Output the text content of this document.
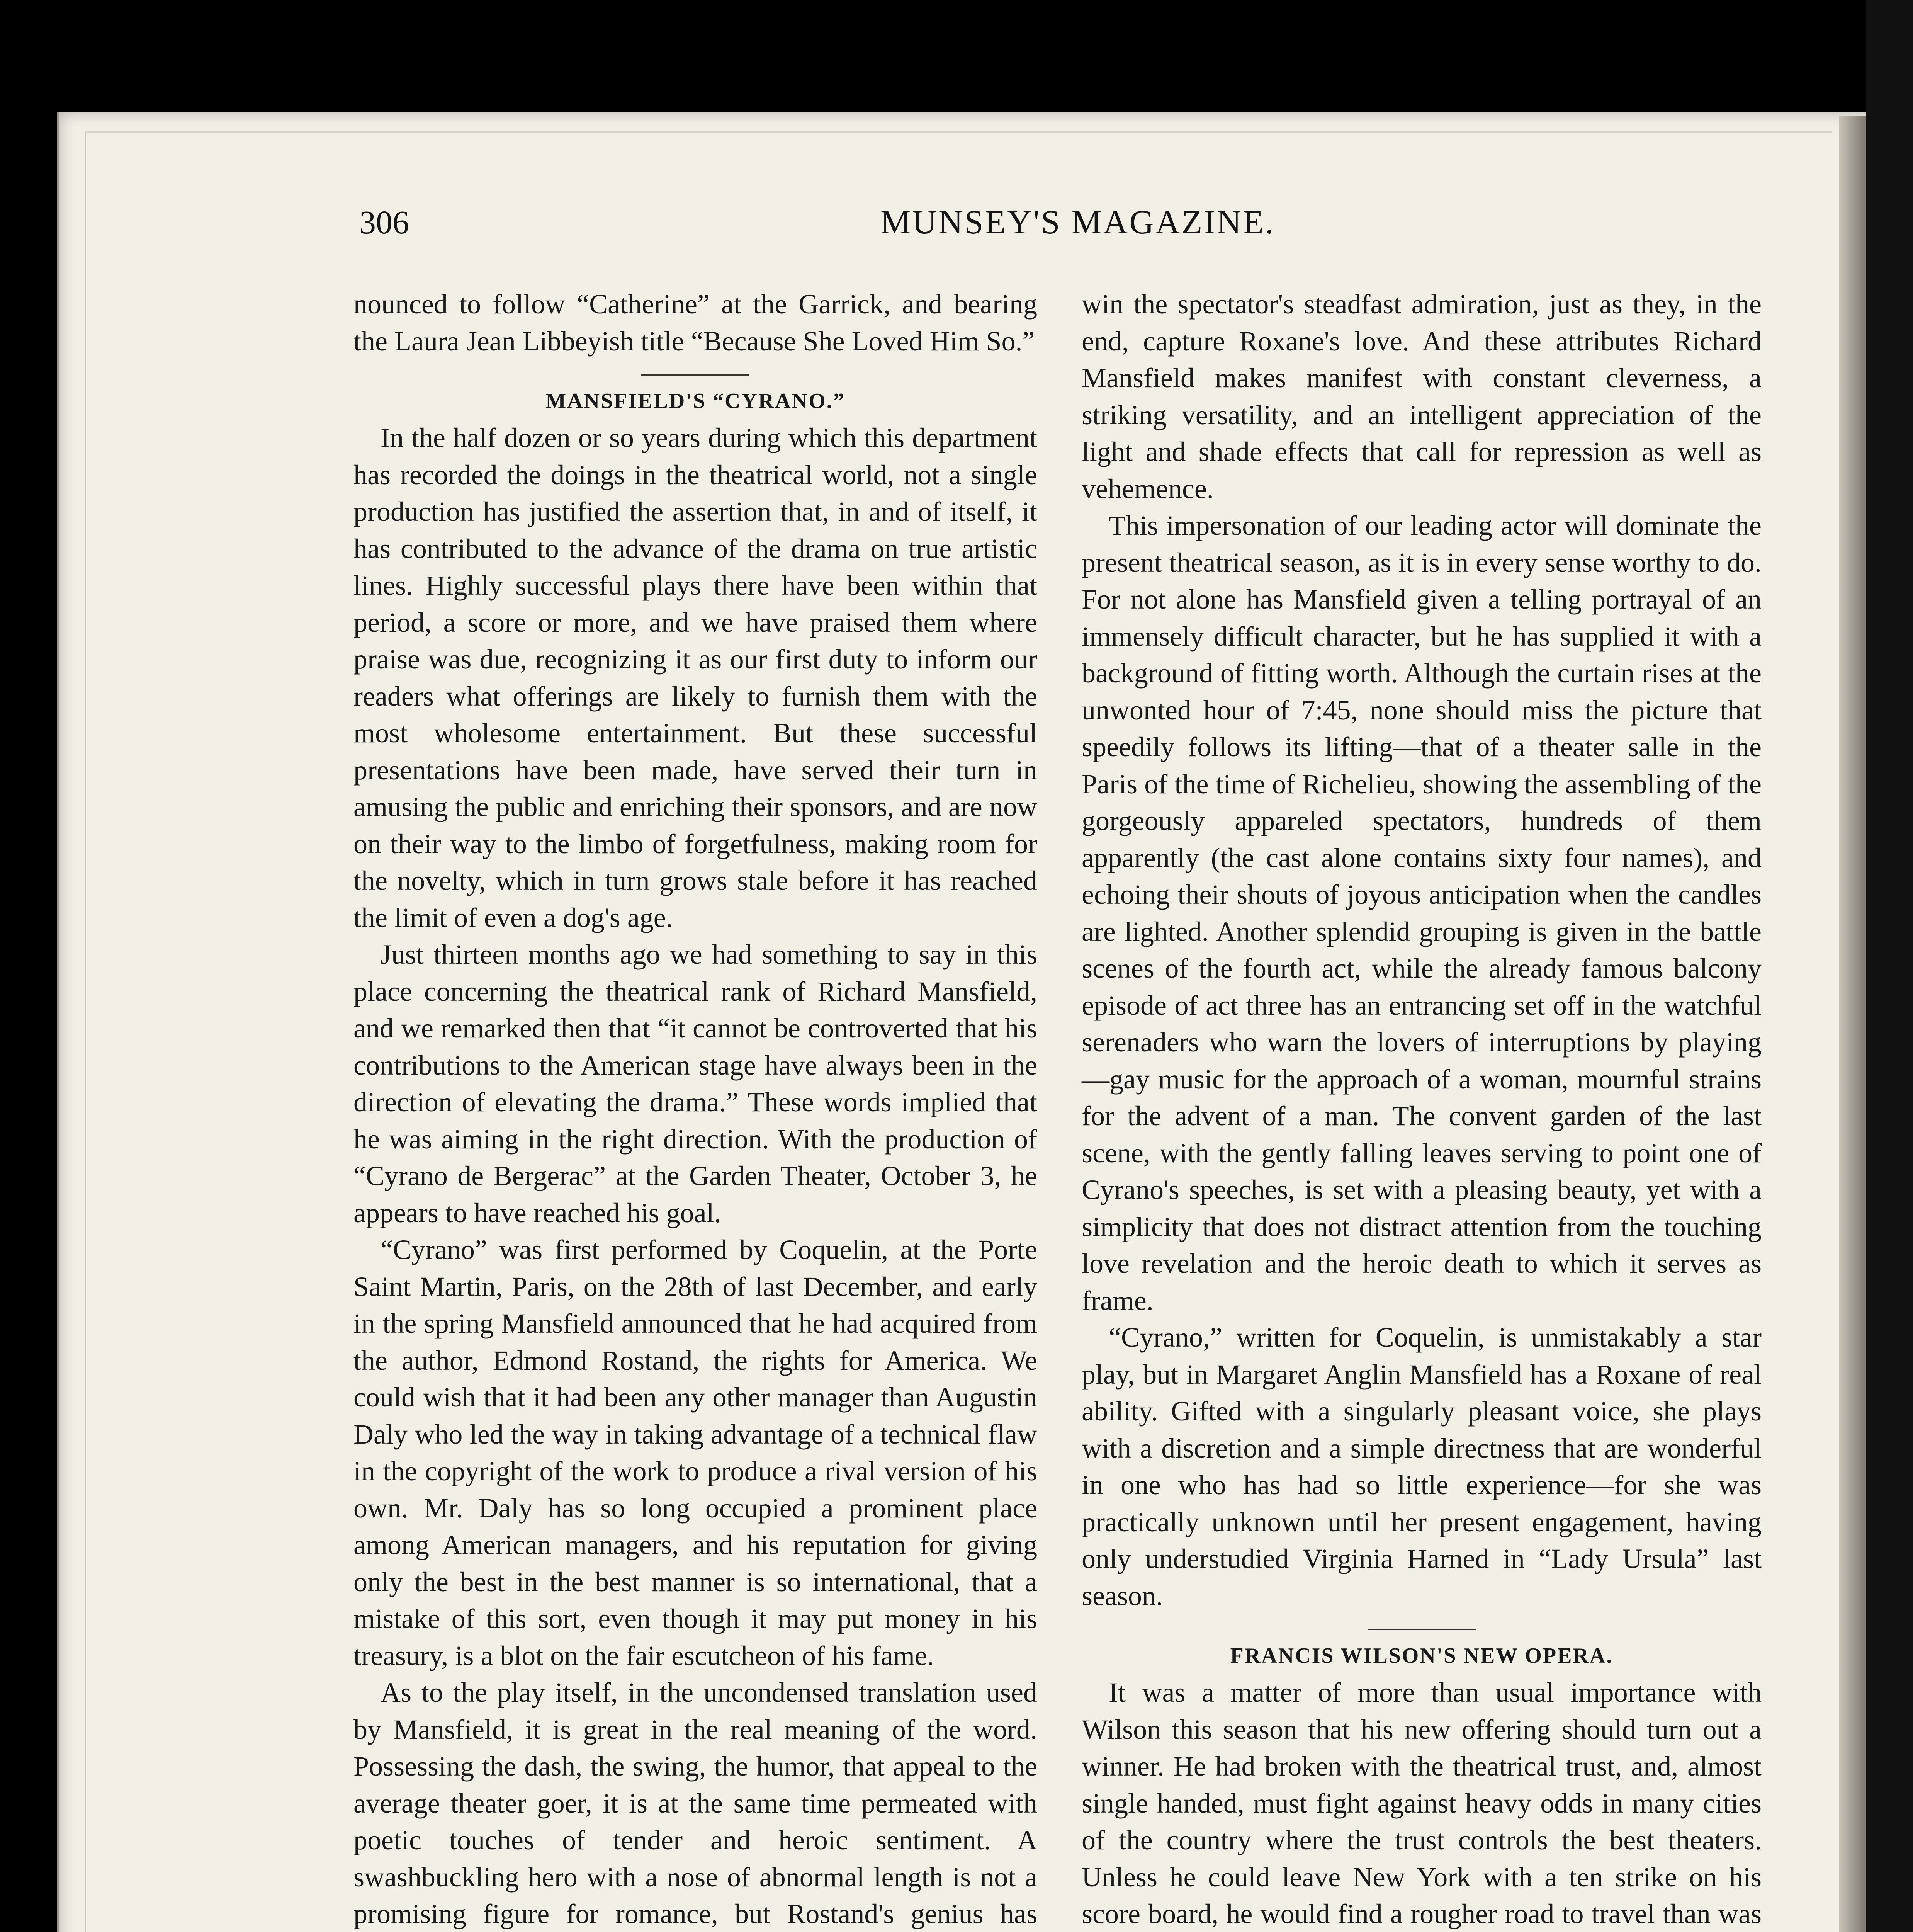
306	MUNSEY'S MAGAZINE.

nounced to follow “Catherine” at the Garrick, and bearing the Laura Jean Libbeyish title “Because She Loved Him So.”

MANSFIELD'S “CYRANO.”

In the half dozen or so years during which this department has recorded the doings in the theatrical world, not a single production has justified the assertion that, in and of itself, it has contributed to the advance of the drama on true artistic lines. Highly successful plays there have been within that period, a score or more, and we have praised them where praise was due, recognizing it as our first duty to inform our readers what offerings are likely to furnish them with the most wholesome entertainment. But these successful presentations have been made, have served their turn in amusing the public and enriching their sponsors, and are now on their way to the limbo of forgetfulness, making room for the novelty, which in turn grows stale before it has reached the limit of even a dog's age.

Just thirteen months ago we had something to say in this place concerning the theatrical rank of Richard Mansfield, and we remarked then that “it cannot be controverted that his contributions to the American stage have always been in the direction of elevating the drama.” These words implied that he was aiming in the right direction. With the production of “Cyrano de Bergerac” at the Garden Theater, October 3, he appears to have reached his goal.

“Cyrano” was first performed by Coquelin, at the Porte Saint Martin, Paris, on the 28th of last December, and early in the spring Mansfield announced that he had acquired from the author, Edmond Rostand, the rights for America. We could wish that it had been any other manager than Augustin Daly who led the way in taking advantage of a technical flaw in the copyright of the work to produce a rival version of his own. Mr. Daly has so long occupied a prominent place among American managers, and his reputation for giving only the best in the best manner is so international, that a mistake of this sort, even though it may put money in his treasury, is a blot on the fair escutcheon of his fame.

As to the play itself, in the uncondensed translation used by Mansfield, it is great in the real meaning of the word. Possessing the dash, the swing, the humor, that appeal to the average theater goer, it is at the same time permeated with poetic touches of tender and heroic sentiment. A swashbuckling hero with a nose of abnormal length is not a promising figure for romance, but Rostand's genius has

win the spectator's steadfast admiration, just as they, in the end, capture Roxane's love. And these attributes Richard Mansfield makes manifest with constant cleverness, a striking versatility, and an intelligent appreciation of the light and shade effects that call for repression as well as vehemence.

This impersonation of our leading actor will dominate the present theatrical season, as it is in every sense worthy to do. For not alone has Mansfield given a telling portrayal of an immensely difficult character, but he has supplied it with a background of fitting worth. Although the curtain rises at the unwonted hour of 7:45, none should miss the picture that speedily follows its lifting—that of a theater salle in the Paris of the time of Richelieu, showing the assembling of the gorgeously appareled spectators, hundreds of them apparently (the cast alone contains sixty four names), and echoing their shouts of joyous anticipation when the candles are lighted. Another splendid grouping is given in the battle scenes of the fourth act, while the already famous balcony episode of act three has an entrancing set off in the watchful serenaders who warn the lovers of interruptions by playing—gay music for the approach of a woman, mournful strains for the advent of a man. The convent garden of the last scene, with the gently falling leaves serving to point one of Cyrano's speeches, is set with a pleasing beauty, yet with a simplicity that does not distract attention from the touching love revelation and the heroic death to which it serves as frame.

“Cyrano,” written for Coquelin, is unmistakably a star play, but in Margaret Anglin Mansfield has a Roxane of real ability. Gifted with a singularly pleasant voice, she plays with a discretion and a simple directness that are wonderful in one who has had so little experience—for she was practically unknown until her present engagement, having only understudied Virginia Harned in “Lady Ursula” last season.

FRANCIS WILSON'S NEW OPERA.

It was a matter of more than usual importance with Wilson this season that his new offering should turn out a winner. He had broken with the theatrical trust, and, almost single handed, must fight against heavy odds in many cities of the country where the trust controls the best theaters. Unless he could leave New York with a ten strike on his score board, he would find a rougher road to travel than was
